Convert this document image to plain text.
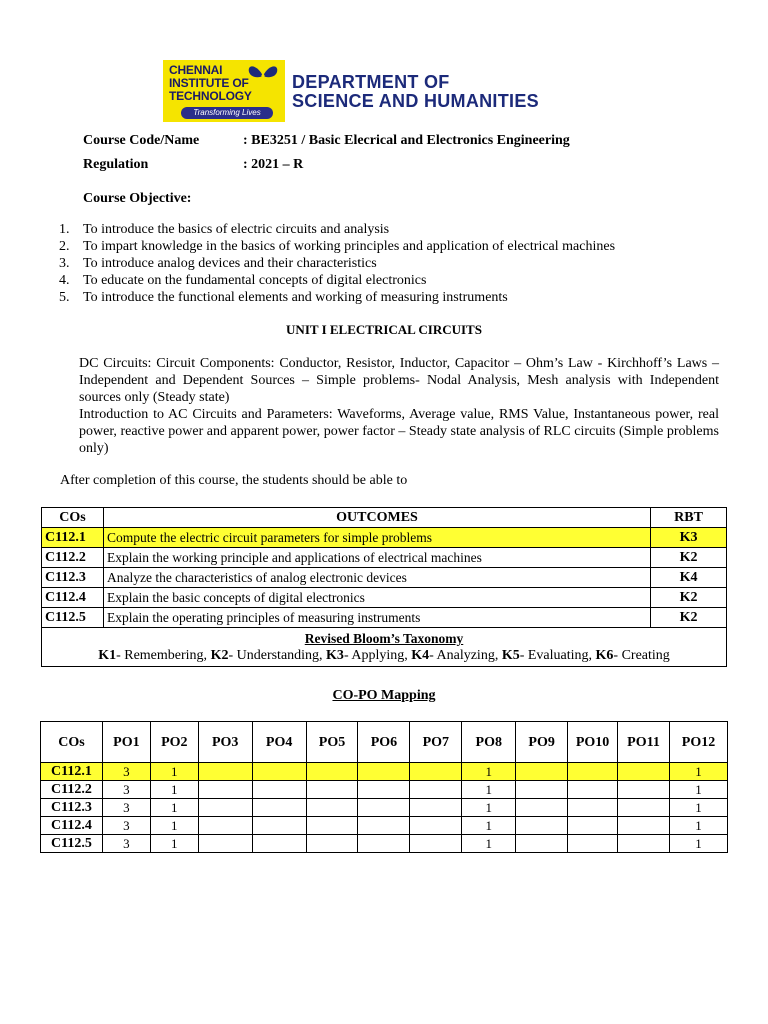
CHENNAI
INSTITUTE OF
TECHNOLOGY
Transforming Lives
DEPARTMENT OF
SCIENCE AND HUMANITIES
Course Code/Name	: BE3251 / Basic Elecrical and Electronics Engineering
Regulation	: 2021 – R
Course Objective:
1. To introduce the basics of electric circuits and analysis
2. To impart knowledge in the basics of working principles and application of electrical machines
3. To introduce analog devices and their characteristics
4. To educate on the fundamental concepts of digital electronics
5. To introduce the functional elements and working of measuring instruments
UNIT I ELECTRICAL CIRCUITS
DC Circuits: Circuit Components: Conductor, Resistor, Inductor, Capacitor – Ohm’s Law - Kirchhoff’s Laws –Independent and Dependent Sources – Simple problems- Nodal Analysis, Mesh analysis with Independent sources only (Steady state)
Introduction to AC Circuits and Parameters: Waveforms, Average value, RMS Value, Instantaneous power, real power, reactive power and apparent power, power factor – Steady state analysis of RLC circuits (Simple problems only)
After completion of this course, the students should be able to
COs	OUTCOMES	RBT
C112.1	Compute the electric circuit parameters for simple problems	K3
C112.2	Explain the working principle and applications of electrical machines	K2
C112.3	Analyze the characteristics of analog electronic devices	K4
C112.4	Explain the basic concepts of digital electronics	K2
C112.5	Explain the operating principles of measuring instruments	K2

Revised Bloom’s Taxonomy
K1- Remembering, K2- Understanding, K3- Applying, K4- Analyzing, K5- Evaluating, K6- Creating		
CO-PO Mapping
COs	PO1	PO2	PO3	PO4	PO5	PO6	PO7	PO8	PO9	PO10	PO11	PO12
C112.1	3	1						1				1
C112.2	3	1						1				1
C112.3	3	1						1				1
C112.4	3	1						1				1
C112.5	3	1						1				1
